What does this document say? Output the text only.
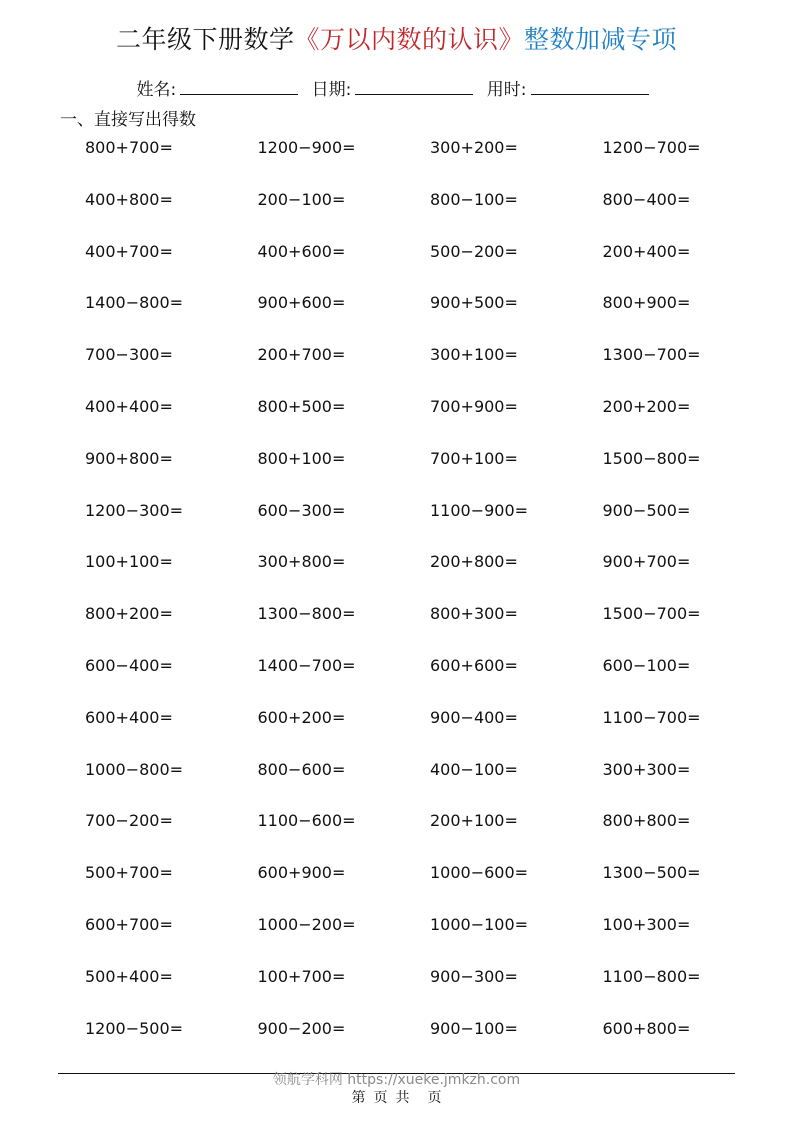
二年级下册数学《万以内数的认识》整数加减专项
姓名:	日期:	用时:
一、直接写出得数
800+700=	1200−900=	300+200=	1200−700=
400+800=	200−100=	800−100=	800−400=
400+700=	400+600=	500−200=	200+400=
1400−800=	900+600=	900+500=	800+900=
700−300=	200+700=	300+100=	1300−700=
400+400=	800+500=	700+900=	200+200=
900+800=	800+100=	700+100=	1500−800=
1200−300=	600−300=	1100−900=	900−500=
100+100=	300+800=	200+800=	900+700=
800+200=	1300−800=	800+300=	1500−700=
600−400=	1400−700=	600+600=	600−100=
600+400=	600+200=	900−400=	1100−700=
1000−800=	800−600=	400−100=	300+300=
700−200=	1100−600=	200+100=	800+800=
500+700=	600+900=	1000−600=	1300−500=
600+700=	1000−200=	1000−100=	100+300=
500+400=	100+700=	900−300=	1100−800=
1200−500=	900−200=	900−100=	600+800=
领航学科网 https://xueke.jmkzh.com
第 页 共 页
